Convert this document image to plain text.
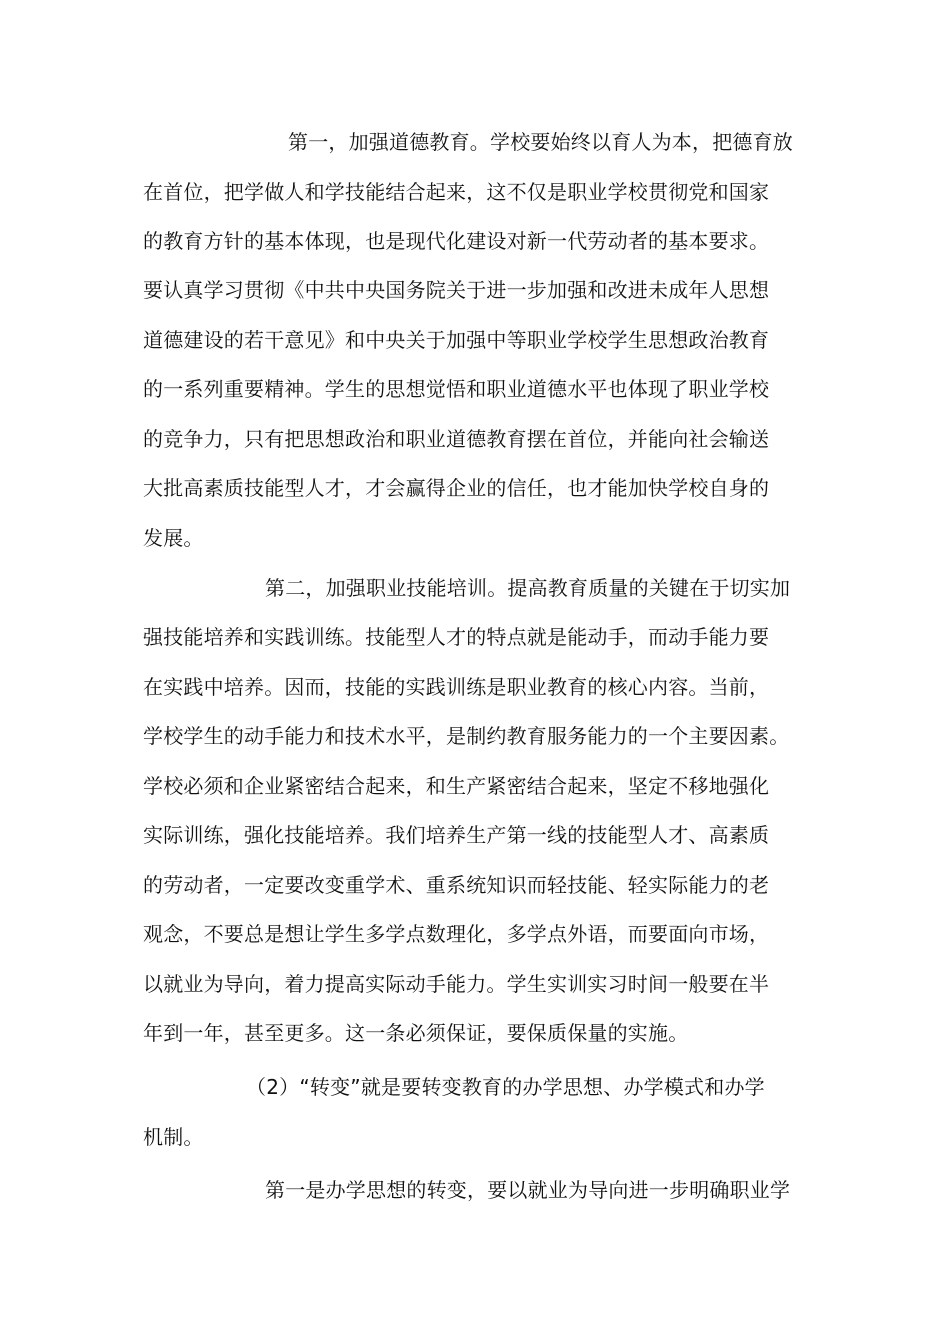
第一，加强道德教育。学校要始终以育人为本，把德育放
在首位，把学做人和学技能结合起来，这不仅是职业学校贯彻党和国家
的教育方针的基本体现，也是现代化建设对新一代劳动者的基本要求。
要认真学习贯彻《中共中央国务院关于进一步加强和改进未成年人思想
道德建设的若干意见》和中央关于加强中等职业学校学生思想政治教育
的一系列重要精神。学生的思想觉悟和职业道德水平也体现了职业学校
的竞争力，只有把思想政治和职业道德教育摆在首位，并能向社会输送
大批高素质技能型人才，才会赢得企业的信任，也才能加快学校自身的
发展。
第二，加强职业技能培训。提高教育质量的关键在于切实加
强技能培养和实践训练。技能型人才的特点就是能动手，而动手能力要
在实践中培养。因而，技能的实践训练是职业教育的核心内容。当前，
学校学生的动手能力和技术水平，是制约教育服务能力的一个主要因素。
学校必须和企业紧密结合起来，和生产紧密结合起来，坚定不移地强化
实际训练，强化技能培养。我们培养生产第一线的技能型人才、高素质
的劳动者，一定要改变重学术、重系统知识而轻技能、轻实际能力的老
观念，不要总是想让学生多学点数理化，多学点外语，而要面向市场，
以就业为导向，着力提高实际动手能力。学生实训实习时间一般要在半
年到一年，甚至更多。这一条必须保证，要保质保量的实施。
（2）“转变”就是要转变教育的办学思想、办学模式和办学
机制。
第一是办学思想的转变，要以就业为导向进一步明确职业学
